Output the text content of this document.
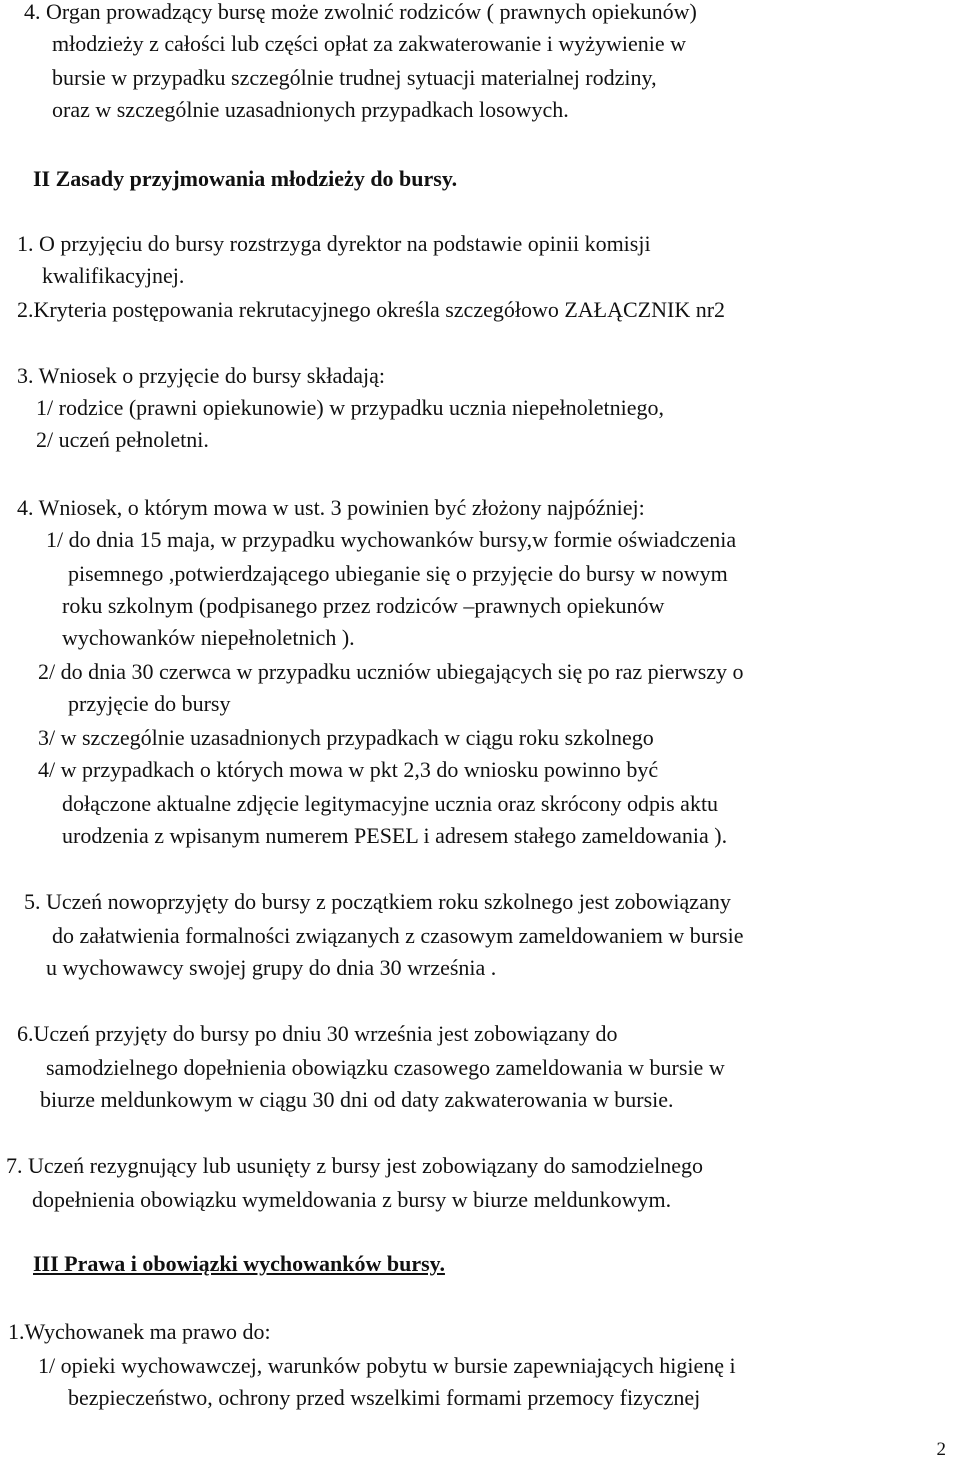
4. Organ prowadzący bursę może zwolnić rodziców ( prawnych opiekunów)
młodzieży z całości lub części opłat za zakwaterowanie i wyżywienie w
bursie w przypadku szczególnie trudnej sytuacji materialnej rodziny,
oraz w szczególnie uzasadnionych przypadkach losowych.
II Zasady przyjmowania młodzieży do bursy.
1. O przyjęciu do bursy rozstrzyga dyrektor na podstawie opinii komisji
kwalifikacyjnej.
2.Kryteria postępowania rekrutacyjnego określa szczegółowo ZAŁĄCZNIK nr2
3. Wniosek o przyjęcie do bursy składają:
1/ rodzice (prawni opiekunowie) w przypadku ucznia niepełnoletniego,
2/ uczeń pełnoletni.
4. Wniosek, o którym mowa w ust. 3 powinien być złożony najpóźniej:
1/ do dnia 15 maja, w przypadku wychowanków bursy,w formie oświadczenia
pisemnego ,potwierdzającego ubieganie się o przyjęcie do bursy w nowym
roku szkolnym (podpisanego przez rodziców –prawnych opiekunów
wychowanków niepełnoletnich ).
2/ do dnia 30 czerwca w przypadku uczniów ubiegających się po raz pierwszy o
przyjęcie do bursy
3/ w szczególnie uzasadnionych przypadkach w ciągu roku szkolnego
4/ w przypadkach o których mowa w pkt 2,3 do wniosku powinno być
dołączone aktualne zdjęcie legitymacyjne ucznia oraz skrócony odpis aktu
urodzenia z wpisanym numerem PESEL i adresem stałego zameldowania ).
5. Uczeń nowoprzyjęty do bursy z początkiem roku szkolnego jest zobowiązany
do załatwienia formalności związanych z czasowym zameldowaniem w bursie
u wychowawcy swojej grupy do dnia 30 września .
6.Uczeń przyjęty do bursy po dniu 30 września jest zobowiązany do
samodzielnego dopełnienia obowiązku czasowego zameldowania w bursie w
biurze meldunkowym w ciągu 30 dni od daty zakwaterowania w bursie.
7. Uczeń rezygnujący lub usunięty z bursy jest zobowiązany do samodzielnego
dopełnienia obowiązku wymeldowania z bursy w biurze meldunkowym.
III Prawa i obowiązki wychowanków bursy.
1.Wychowanek ma prawo do:
1/ opieki wychowawczej, warunków pobytu w bursie zapewniających higienę i
bezpieczeństwo, ochrony przed wszelkimi formami przemocy fizycznej
2
